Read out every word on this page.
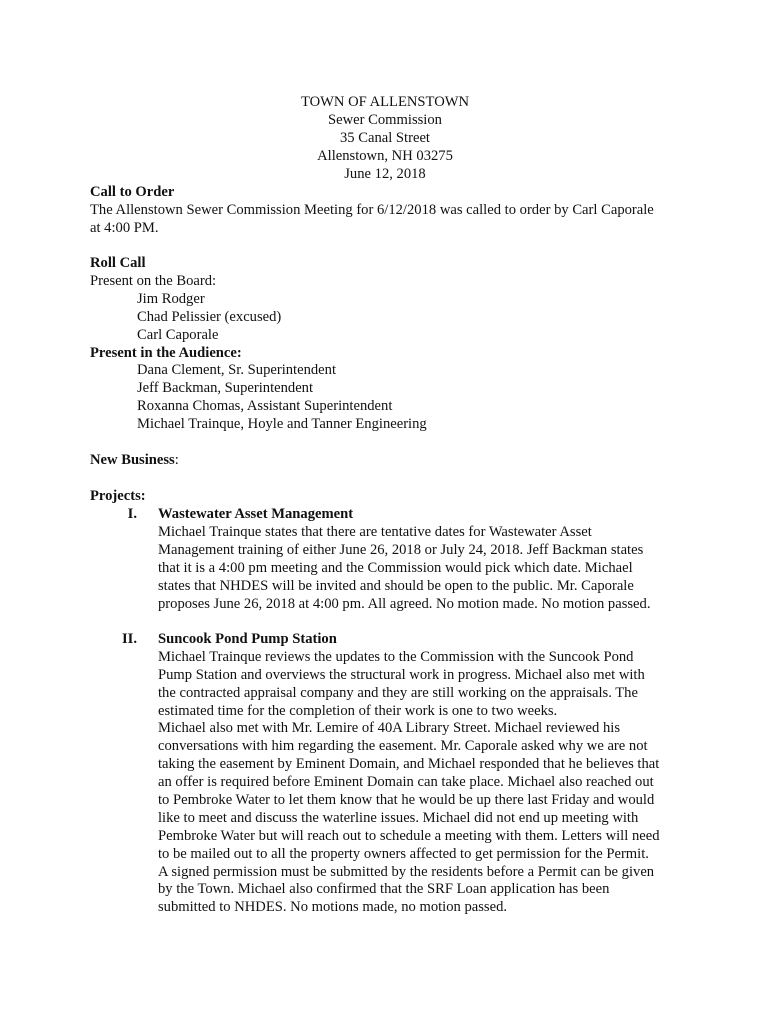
TOWN OF ALLENSTOWN
Sewer Commission
35 Canal Street
Allenstown, NH 03275
June 12, 2018
Call to Order
The Allenstown Sewer Commission Meeting for 6/12/2018 was called to order by Carl Caporale
at 4:00 PM.
Roll Call
Present on the Board:
Jim Rodger
Chad Pelissier (excused)
Carl Caporale
Present in the Audience:
Dana Clement, Sr. Superintendent
Jeff Backman, Superintendent
Roxanna Chomas, Assistant Superintendent
Michael Trainque, Hoyle and Tanner Engineering
New Business:
Projects:
I. Wastewater Asset Management
Michael Trainque states that there are tentative dates for Wastewater Asset
Management training of either June 26, 2018 or July 24, 2018. Jeff Backman states
that it is a 4:00 pm meeting and the Commission would pick which date. Michael
states that NHDES will be invited and should be open to the public. Mr. Caporale
proposes June 26, 2018 at 4:00 pm. All agreed. No motion made. No motion passed.
II. Suncook Pond Pump Station
Michael Trainque reviews the updates to the Commission with the Suncook Pond
Pump Station and overviews the structural work in progress. Michael also met with
the contracted appraisal company and they are still working on the appraisals. The
estimated time for the completion of their work is one to two weeks.
Michael also met with Mr. Lemire of 40A Library Street. Michael reviewed his
conversations with him regarding the easement. Mr. Caporale asked why we are not
taking the easement by Eminent Domain, and Michael responded that he believes that
an offer is required before Eminent Domain can take place. Michael also reached out
to Pembroke Water to let them know that he would be up there last Friday and would
like to meet and discuss the waterline issues. Michael did not end up meeting with
Pembroke Water but will reach out to schedule a meeting with them. Letters will need
to be mailed out to all the property owners affected to get permission for the Permit.
A signed permission must be submitted by the residents before a Permit can be given
by the Town. Michael also confirmed that the SRF Loan application has been
submitted to NHDES. No motions made, no motion passed.
